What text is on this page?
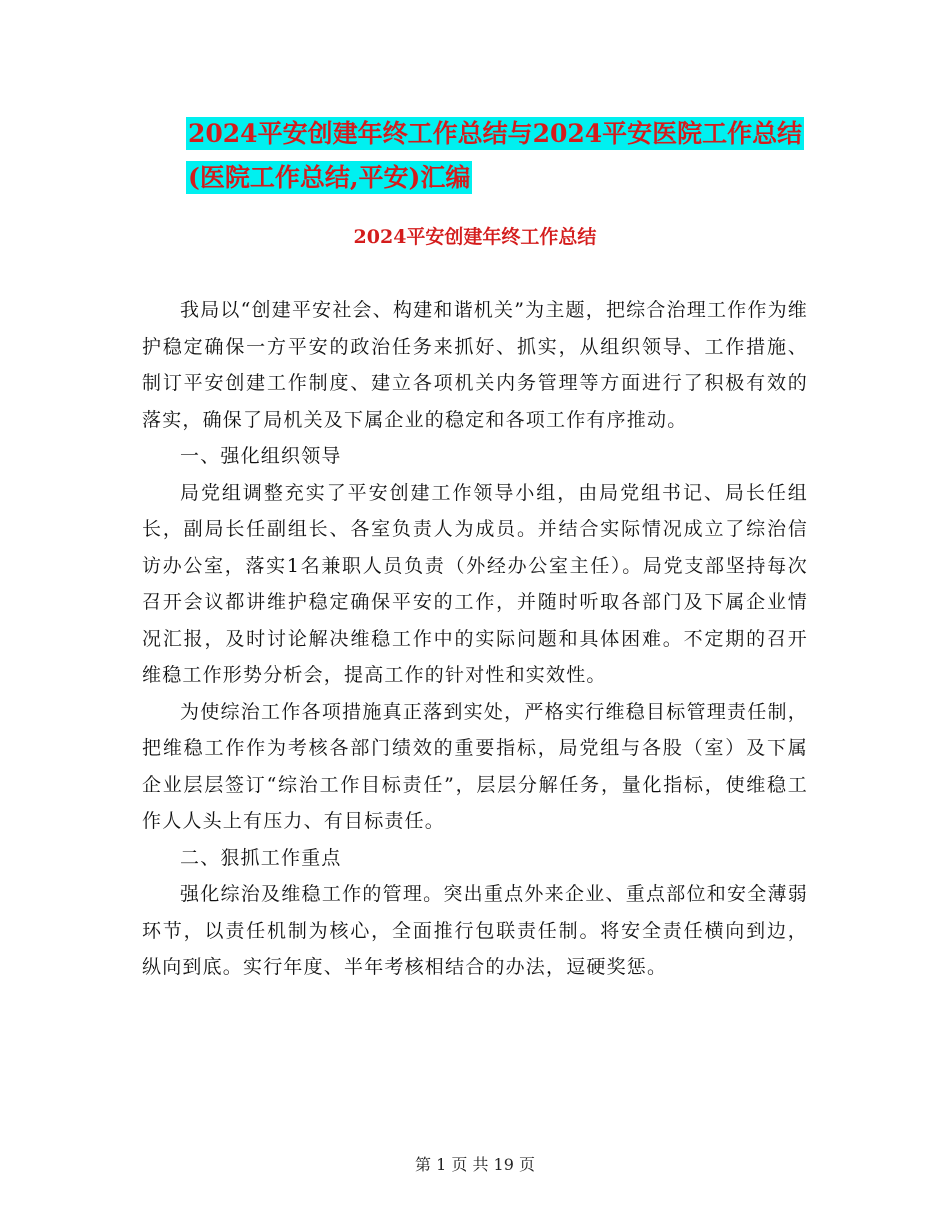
2024平安创建年终工作总结与2024平安医院工作总结
(医院工作总结,平安)汇编
2024平安创建年终工作总结

我局以“创建平安社会、构建和谐机关”为主题，把综合治理工作作为维护稳定确保一方平安的政治任务来抓好、抓实，从组织领导、工作措施、制订平安创建工作制度、建立各项机关内务管理等方面进行了积极有效的落实，确保了局机关及下属企业的稳定和各项工作有序推动。

一、强化组织领导

局党组调整充实了平安创建工作领导小组，由局党组书记、局长任组长，副局长任副组长、各室负责人为成员。并结合实际情况成立了综治信访办公室，落实1名兼职人员负责（外经办公室主任）。局党支部坚持每次召开会议都讲维护稳定确保平安的工作，并随时听取各部门及下属企业情况汇报，及时讨论解决维稳工作中的实际问题和具体困难。不定期的召开维稳工作形势分析会，提高工作的针对性和实效性。

为使综治工作各项措施真正落到实处，严格实行维稳目标管理责任制，把维稳工作作为考核各部门绩效的重要指标，局党组与各股（室）及下属企业层层签订“综治工作目标责任”，层层分解任务，量化指标，使维稳工作人人头上有压力、有目标责任。

二、狠抓工作重点

强化综治及维稳工作的管理。突出重点外来企业、重点部位和安全薄弱环节，以责任机制为核心，全面推行包联责任制。将安全责任横向到边，纵向到底。实行年度、半年考核相结合的办法，逗硬奖惩。

第 1 页 共 19 页
